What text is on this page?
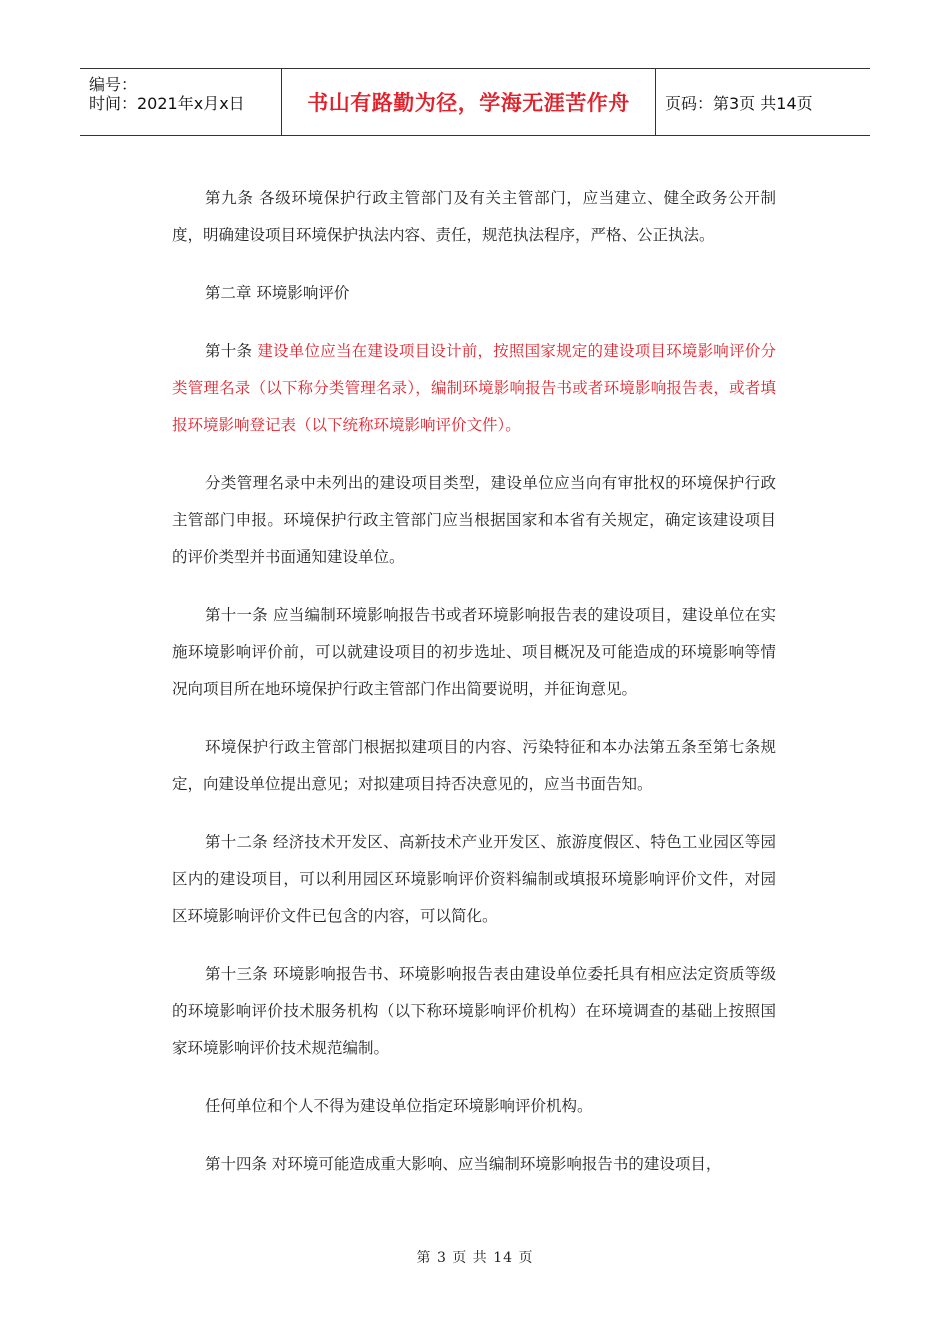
编号：
时间：2021年x月x日	书山有路勤为径，学海无涯苦作舟	页码：第3页 共14页

第九条 各级环境保护行政主管部门及有关主管部门，应当建立、健全政务公开制度，明确建设项目环境保护执法内容、责任，规范执法程序，严格、公正执法。

第二章 环境影响评价

第十条 建设单位应当在建设项目设计前，按照国家规定的建设项目环境影响评价分类管理名录（以下称分类管理名录），编制环境影响报告书或者环境影响报告表，或者填报环境影响登记表（以下统称环境影响评价文件）。

分类管理名录中未列出的建设项目类型，建设单位应当向有审批权的环境保护行政主管部门申报。环境保护行政主管部门应当根据国家和本省有关规定，确定该建设项目的评价类型并书面通知建设单位。

第十一条 应当编制环境影响报告书或者环境影响报告表的建设项目，建设单位在实施环境影响评价前，可以就建设项目的初步选址、项目概况及可能造成的环境影响等情况向项目所在地环境保护行政主管部门作出简要说明，并征询意见。

环境保护行政主管部门根据拟建项目的内容、污染特征和本办法第五条至第七条规定，向建设单位提出意见；对拟建项目持否决意见的，应当书面告知。

第十二条 经济技术开发区、高新技术产业开发区、旅游度假区、特色工业园区等园区内的建设项目，可以利用园区环境影响评价资料编制或填报环境影响评价文件，对园区环境影响评价文件已包含的内容，可以简化。

第十三条 环境影响报告书、环境影响报告表由建设单位委托具有相应法定资质等级的环境影响评价技术服务机构（以下称环境影响评价机构）在环境调查的基础上按照国家环境影响评价技术规范编制。

任何单位和个人不得为建设单位指定环境影响评价机构。

第十四条 对环境可能造成重大影响、应当编制环境影响报告书的建设项目，

第 3 页 共 14 页
